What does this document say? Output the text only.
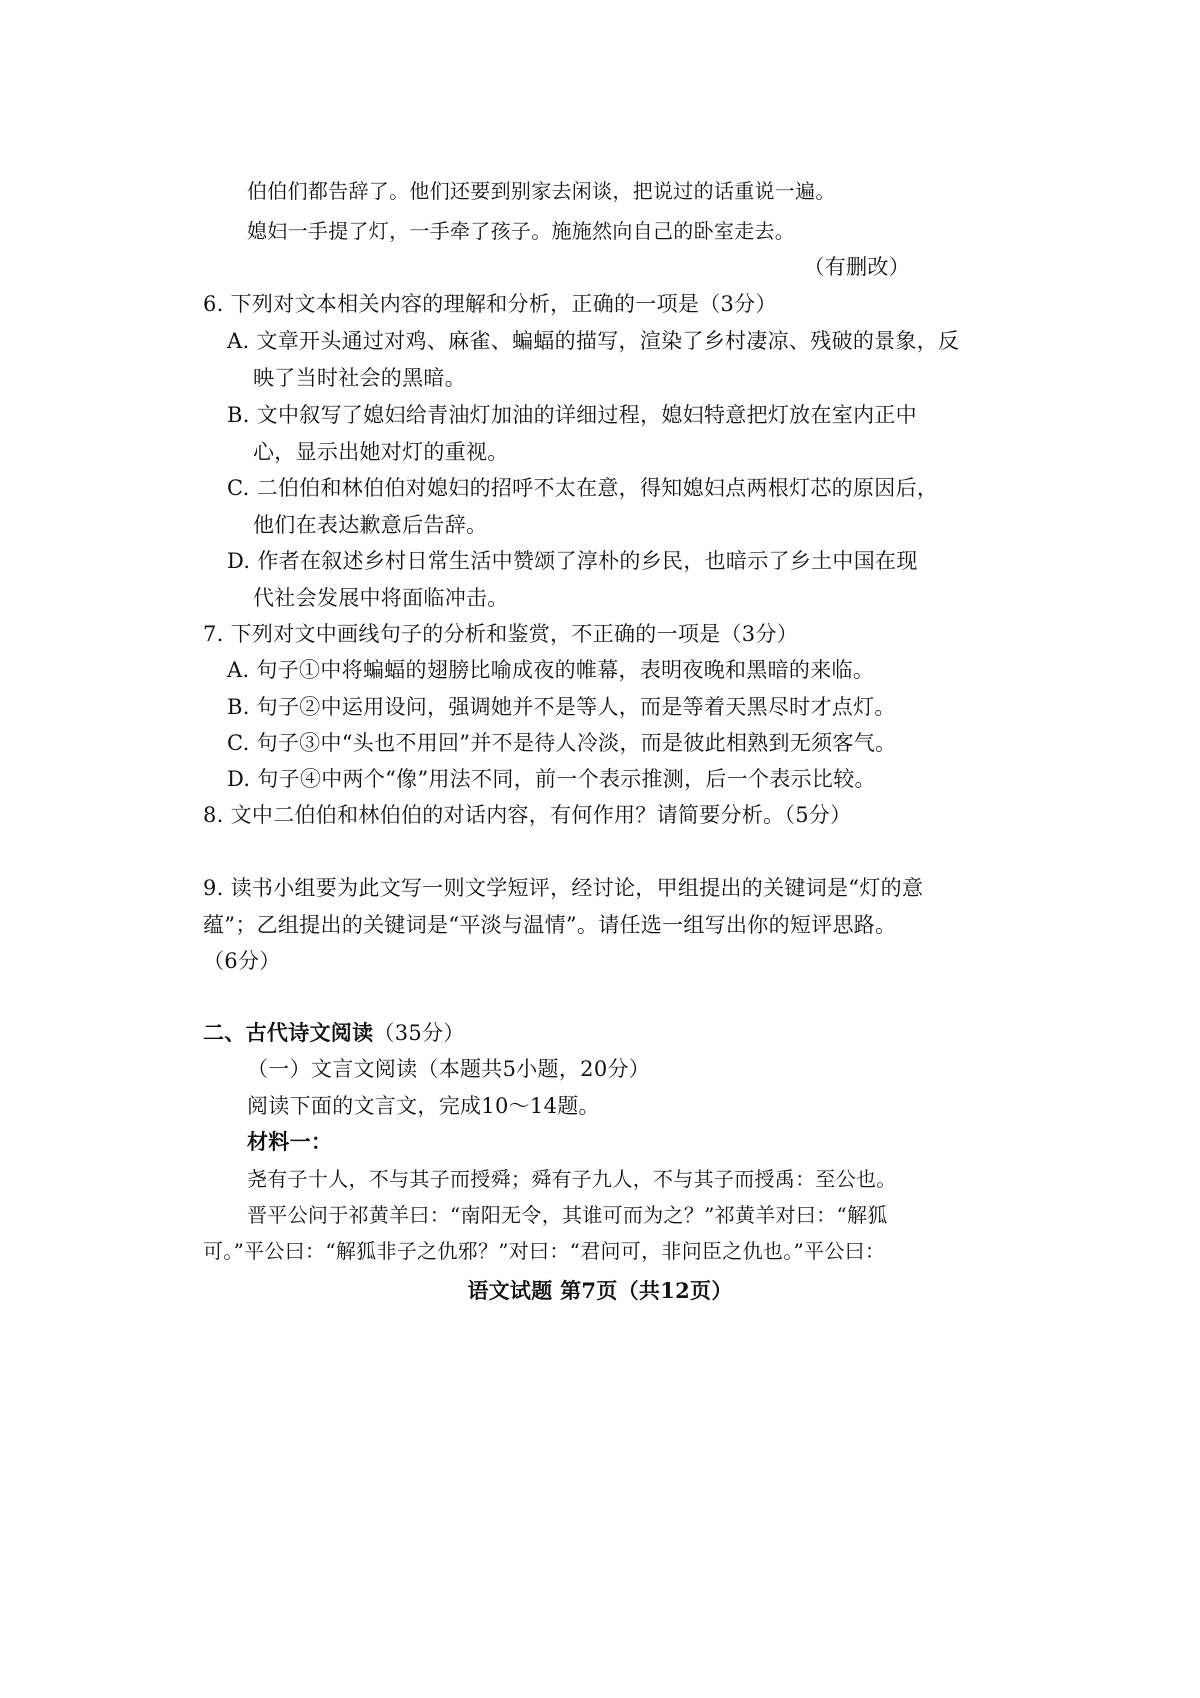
伯伯们都告辞了。他们还要到别家去闲谈，把说过的话重说一遍。
媳妇一手提了灯，一手牵了孩子。施施然向自己的卧室走去。
（有删改）
6. 下列对文本相关内容的理解和分析，正确的一项是（3分）
A. 文章开头通过对鸡、麻雀、蝙蝠的描写，渲染了乡村凄凉、残破的景象，反
映了当时社会的黑暗。
B. 文中叙写了媳妇给青油灯加油的详细过程，媳妇特意把灯放在室内正中
心，显示出她对灯的重视。
C. 二伯伯和林伯伯对媳妇的招呼不太在意，得知媳妇点两根灯芯的原因后，
他们在表达歉意后告辞。
D. 作者在叙述乡村日常生活中赞颂了淳朴的乡民，也暗示了乡土中国在现
代社会发展中将面临冲击。
7. 下列对文中画线句子的分析和鉴赏，不正确的一项是（3分）
A. 句子①中将蝙蝠的翅膀比喻成夜的帷幕，表明夜晚和黑暗的来临。
B. 句子②中运用设问，强调她并不是等人，而是等着天黑尽时才点灯。
C. 句子③中“头也不用回”并不是待人冷淡，而是彼此相熟到无须客气。
D. 句子④中两个“像”用法不同，前一个表示推测，后一个表示比较。
8. 文中二伯伯和林伯伯的对话内容，有何作用？请简要分析。（5分）
9. 读书小组要为此文写一则文学短评，经讨论，甲组提出的关键词是“灯的意
蕴”；乙组提出的关键词是“平淡与温情”。请任选一组写出你的短评思路。
（6分）
二、古代诗文阅读（35分）
（一）文言文阅读（本题共5小题，20分）
阅读下面的文言文，完成10～14题。
材料一：
尧有子十人，不与其子而授舜；舜有子九人，不与其子而授禹：至公也。
晋平公问于祁黄羊曰：“南阳无令，其谁可而为之？”祁黄羊对曰：“解狐
可。”平公曰：“解狐非子之仇邪？”对曰：“君问可，非问臣之仇也。”平公曰：
语文试题 第7页（共12页）
